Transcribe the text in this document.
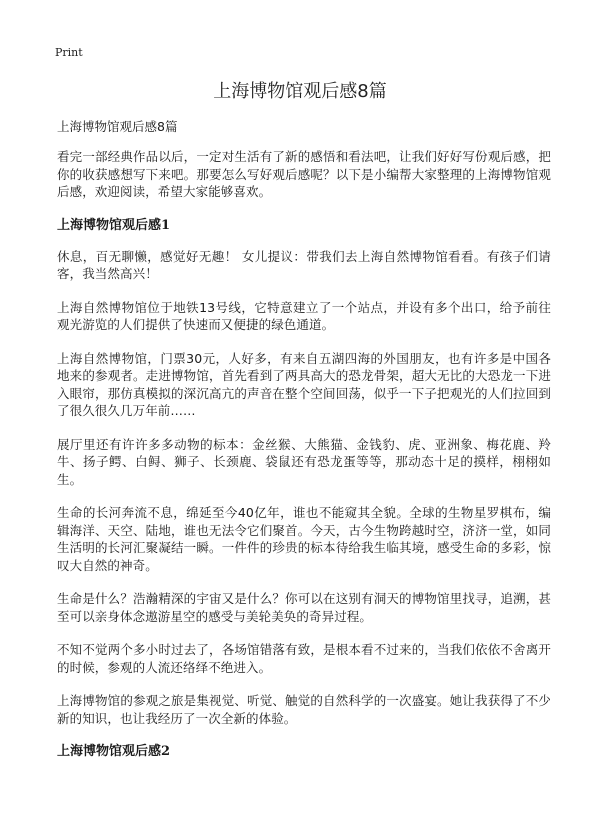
Print
上海博物馆观后感8篇
上海博物馆观后感8篇

看完一部经典作品以后，一定对生活有了新的感悟和看法吧，让我们好好写份观后感，把你的收获感想写下来吧。那要怎么写好观后感呢？以下是小编帮大家整理的上海博物馆观后感，欢迎阅读，希望大家能够喜欢。

上海博物馆观后感1

休息，百无聊懒，感觉好无趣！ 女儿提议：带我们去上海自然博物馆看看。有孩子们请客，我当然高兴！

上海自然博物馆位于地铁13号线，它特意建立了一个站点，并设有多个出口，给予前往观光游览的人们提供了快速而又便捷的绿色通道。

上海自然博物馆，门票30元，人好多，有来自五湖四海的外国朋友，也有许多是中国各地来的参观者。走进博物馆，首先看到了两具高大的恐龙骨架，超大无比的大恐龙一下进入眼帘，那仿真模拟的深沉高亢的声音在整个空间回荡，似乎一下子把观光的人们拉回到了很久很久几万年前……

展厅里还有许许多多动物的标本：金丝猴、大熊猫、金钱豹、虎、亚洲象、梅花鹿、羚牛、扬子鳄、白鲟、狮子、长颈鹿、袋鼠还有恐龙蛋等等，那动态十足的摸样，栩栩如生。

生命的长河奔流不息，绵延至今40亿年，谁也不能窥其全貌。全球的生物星罗棋布，编辑海洋、天空、陆地，谁也无法令它们聚首。今天，古今生物跨越时空，济济一堂，如同生活明的长河汇聚凝结一瞬。一件件的珍贵的标本待给我生临其境，感受生命的多彩，惊叹大自然的神奇。

生命是什么？浩瀚精深的宇宙又是什么？你可以在这别有洞天的博物馆里找寻，追溯，甚至可以亲身体念遨游星空的感受与美轮美奂的奇异过程。

不知不觉两个多小时过去了，各场馆错落有致，是根本看不过来的，当我们依依不舍离开的时候，参观的人流还络绎不绝进入。

上海博物馆的参观之旅是集视觉、听觉、触觉的自然科学的一次盛宴。她让我获得了不少新的知识，也让我经历了一次全新的体验。

上海博物馆观后感2
